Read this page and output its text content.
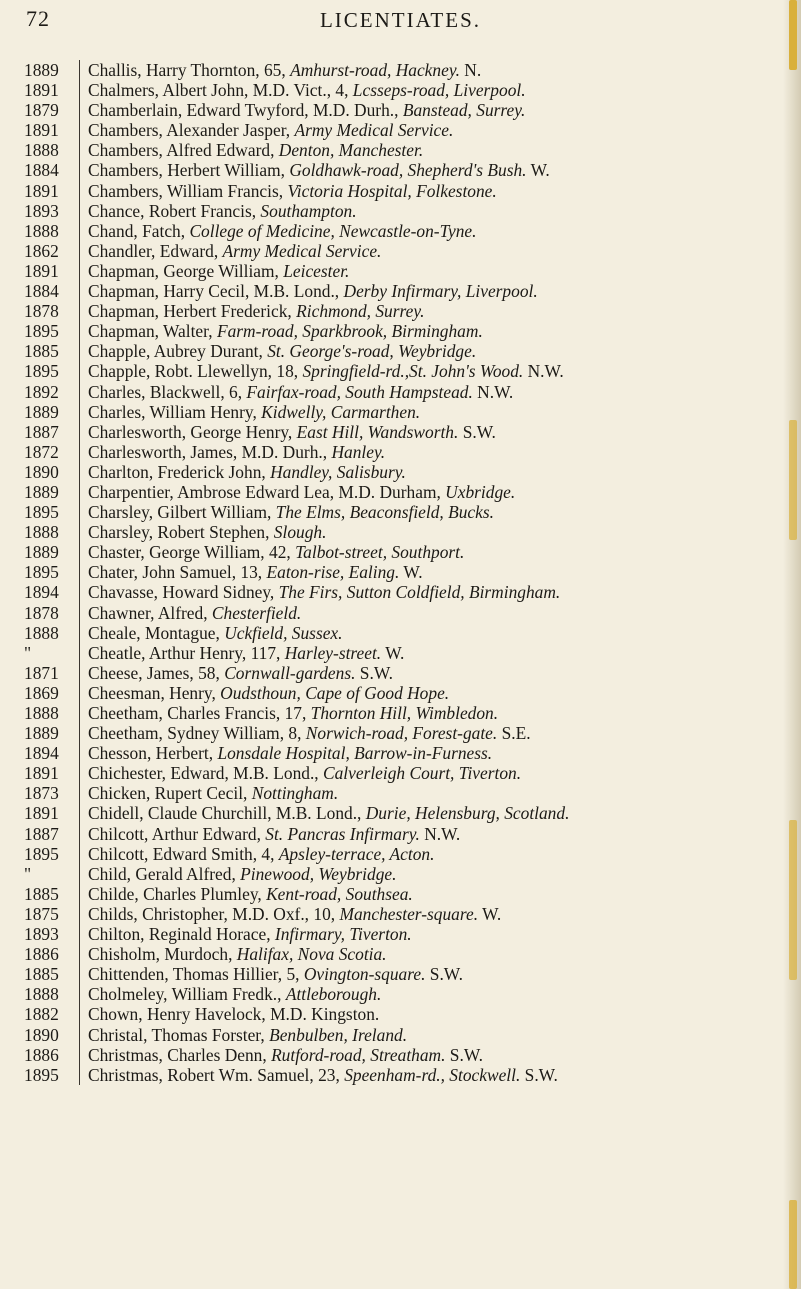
72	LICENTIATES.
1889	Challis, Harry Thornton, 65, Amhurst-road, Hackney. N.
1891	Chalmers, Albert John, M.D. Vict., 4, Lcsseps-road, Liverpool.
1879	Chamberlain, Edward Twyford, M.D. Durh., Banstead, Surrey.
1891	Chambers, Alexander Jasper, Army Medical Service.
1888	Chambers, Alfred Edward, Denton, Manchester.
1884	Chambers, Herbert William, Goldhawk-road, Shepherd's Bush. W.
1891	Chambers, William Francis, Victoria Hospital, Folkestone.
1893	Chance, Robert Francis, Southampton.
1888	Chand, Fatch, College of Medicine, Newcastle-on-Tyne.
1862	Chandler, Edward, Army Medical Service.
1891	Chapman, George William, Leicester.
1884	Chapman, Harry Cecil, M.B. Lond., Derby Infirmary, Liverpool.
1878	Chapman, Herbert Frederick, Richmond, Surrey.
1895	Chapman, Walter, Farm-road, Sparkbrook, Birmingham.
1885	Chapple, Aubrey Durant, St. George's-road, Weybridge.
1895	Chapple, Robt. Llewellyn, 18, Springfield-rd.,St. John's Wood. N.W.
1892	Charles, Blackwell, 6, Fairfax-road, South Hampstead. N.W.
1889	Charles, William Henry, Kidwelly, Carmarthen.
1887	Charlesworth, George Henry, East Hill, Wandsworth. S.W.
1872	Charlesworth, James, M.D. Durh., Hanley.
1890	Charlton, Frederick John, Handley, Salisbury.
1889	Charpentier, Ambrose Edward Lea, M.D. Durham, Uxbridge.
1895	Charsley, Gilbert William, The Elms, Beaconsfield, Bucks.
1888	Charsley, Robert Stephen, Slough.
1889	Chaster, George William, 42, Talbot-street, Southport.
1895	Chater, John Samuel, 13, Eaton-rise, Ealing. W.
1894	Chavasse, Howard Sidney, The Firs, Sutton Coldfield, Birmingham.
1878	Chawner, Alfred, Chesterfield.
1888	Cheale, Montague, Uckfield, Sussex.
"	Cheatle, Arthur Henry, 117, Harley-street. W.
1871	Cheese, James, 58, Cornwall-gardens. S.W.
1869	Cheesman, Henry, Oudsthoun, Cape of Good Hope.
1888	Cheetham, Charles Francis, 17, Thornton Hill, Wimbledon.
1889	Cheetham, Sydney William, 8, Norwich-road, Forest-gate. S.E.
1894	Chesson, Herbert, Lonsdale Hospital, Barrow-in-Furness.
1891	Chichester, Edward, M.B. Lond., Calverleigh Court, Tiverton.
1873	Chicken, Rupert Cecil, Nottingham.
1891	Chidell, Claude Churchill, M.B. Lond., Durie, Helensburg, Scotland.
1887	Chilcott, Arthur Edward, St. Pancras Infirmary. N.W.
1895	Chilcott, Edward Smith, 4, Apsley-terrace, Acton.
"	Child, Gerald Alfred, Pinewood, Weybridge.
1885	Childe, Charles Plumley, Kent-road, Southsea.
1875	Childs, Christopher, M.D. Oxf., 10, Manchester-square. W.
1893	Chilton, Reginald Horace, Infirmary, Tiverton.
1886	Chisholm, Murdoch, Halifax, Nova Scotia.
1885	Chittenden, Thomas Hillier, 5, Ovington-square. S.W.
1888	Cholmeley, William Fredk., Attleborough.
1882	Chown, Henry Havelock, M.D. Kingston.
1890	Christal, Thomas Forster, Benbulben, Ireland.
1886	Christmas, Charles Denn, Rutford-road, Streatham. S.W.
1895	Christmas, Robert Wm. Samuel, 23, Speenham-rd., Stockwell. S.W.
